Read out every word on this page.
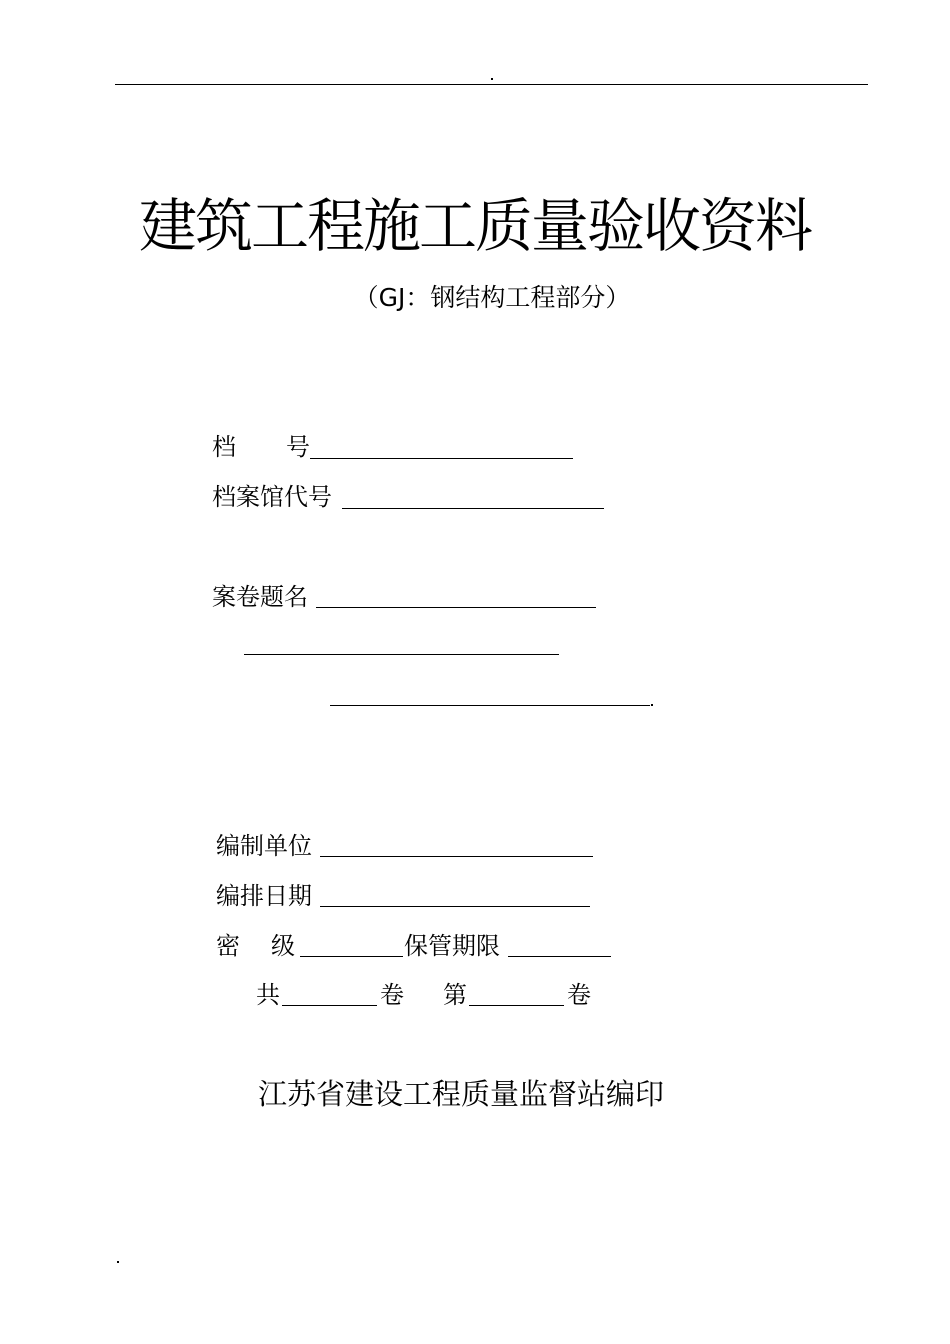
建筑工程施工质量验收资料
（GJ：钢结构工程部分）
档 号
档案馆代号
案卷题名
编制单位
编排日期
密 级	保管期限
共	卷 第	卷
江苏省建设工程质量监督站编印
